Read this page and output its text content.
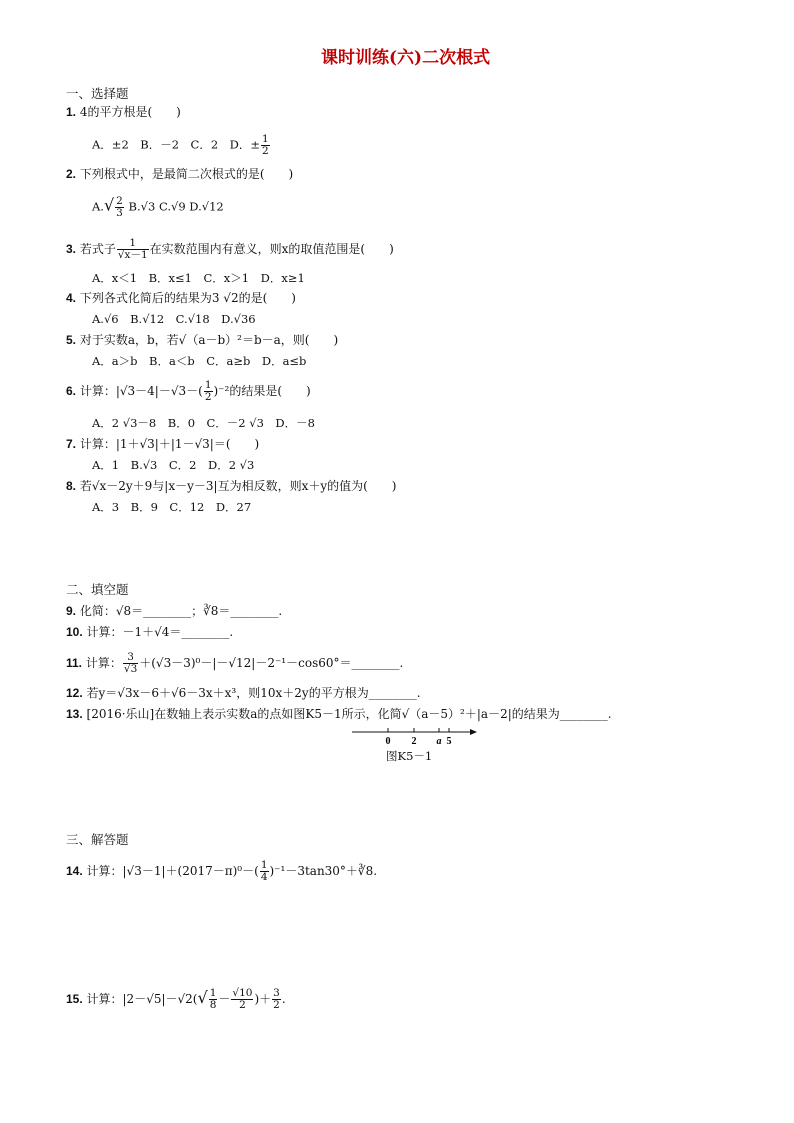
课时训练(六)二次根式
一、选择题
1. 4的平方根是(　　)
A．±2　B．－2　C．2　D．± $\frac{1}{2}$
2. 下列根式中，是最简二次根式的是(　　)
$A.√ \frac{2}{3} B.√3$ C.√9 D.√12
3. 若式子 $\frac{1}{√x-1}$ 在实数范围内有意义，则x的取值范围是(　　)
A．x＜1　B．x≤1　C．x＞1　D．x≥1
4. 下列各式化简后的结果为3 √2的是(　　)
A.√6　B.√12　C.√18　D.√36
5. 对于实数a，b，若√（a－b）²＝b－a，则(　　)
A．a＞b　B．a＜b　C．a≥b　D．a≤b
6. 计算：$|√3-4|-√3-( \frac{1}{2} )^{-2}$的结果是(　　)
A．2 √3－8　B．0　C．－2 √3　D．－8
7. 计算：|1＋√3|＋|1－√3|＝(　　)
A．1　B.√3　C．2　D．2 √3
8. 若√x－2y＋9与|x－y－3|互为相反数，则x＋y的值为(　　)
A．3　B．9　C．12　D．27
二、填空题
9. 化简：√8＝________；∛8＝________.
10. 计算：－1＋√4＝________.
11. 计算： $\frac{3}{√3}$ ＋(√3－3)⁰－|－√12|－2⁻¹－cos60°＝________.
12. 若y＝√3x－6＋√6－3x＋x³，则10x＋2y的平方根为________.
13. [2016·乐山]在数轴上表示实数a的点如图K5－1所示，化简√（a－5）²＋|a－2|的结果为________.
0 2 a 5
图K5－1
三、解答题
14. 计算：$|√3-1|+(2017-\pi)^0-( \frac{1}{4}$ )⁻¹－3tan30°＋∛8.
15. 计算：$|2-√5|-√2(√ \frac{1}{8} - \frac{√10}{2}$ )＋ $\frac{3}{2}$ .
